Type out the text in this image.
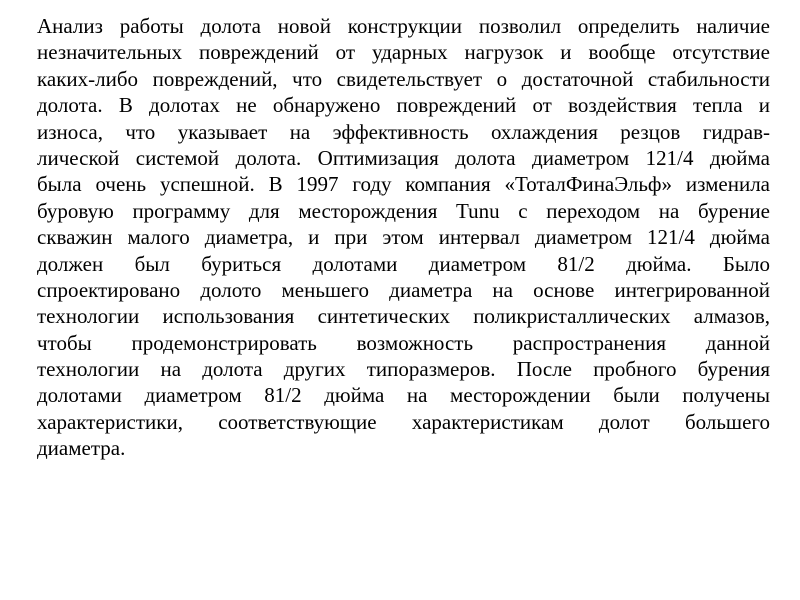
Анализ работы долота новой конструкции позволил определить наличие
незначительных повреждений от ударных нагрузок и вообще отсутствие
каких-либо повреждений, что свидетельствует о достаточной стабильности
долота. В долотах не обнаружено повреждений от воздействия тепла и
износа, что указывает на эффективность охлаждения резцов гидрав-
лической системой долота. Оптимизация долота диаметром 121/4 дюйма
была очень успешной. В 1997 году компания «ТоталФинаЭльф» изменила
буровую программу для месторождения Tunu с переходом на бурение
скважин малого диаметра, и при этом интервал диаметром 121/4 дюйма
должен был буриться долотами диаметром 81/2 дюйма. Было
спроектировано долото меньшего диаметра на основе интегрированной
технологии использования синтетических поликристаллических алмазов,
чтобы продемонстрировать возможность распространения данной
технологии на долота других типоразмеров. После пробного бурения
долотами диаметром 81/2 дюйма на месторождении были получены
характеристики, соответствующие характеристикам долот большего
диаметра.
